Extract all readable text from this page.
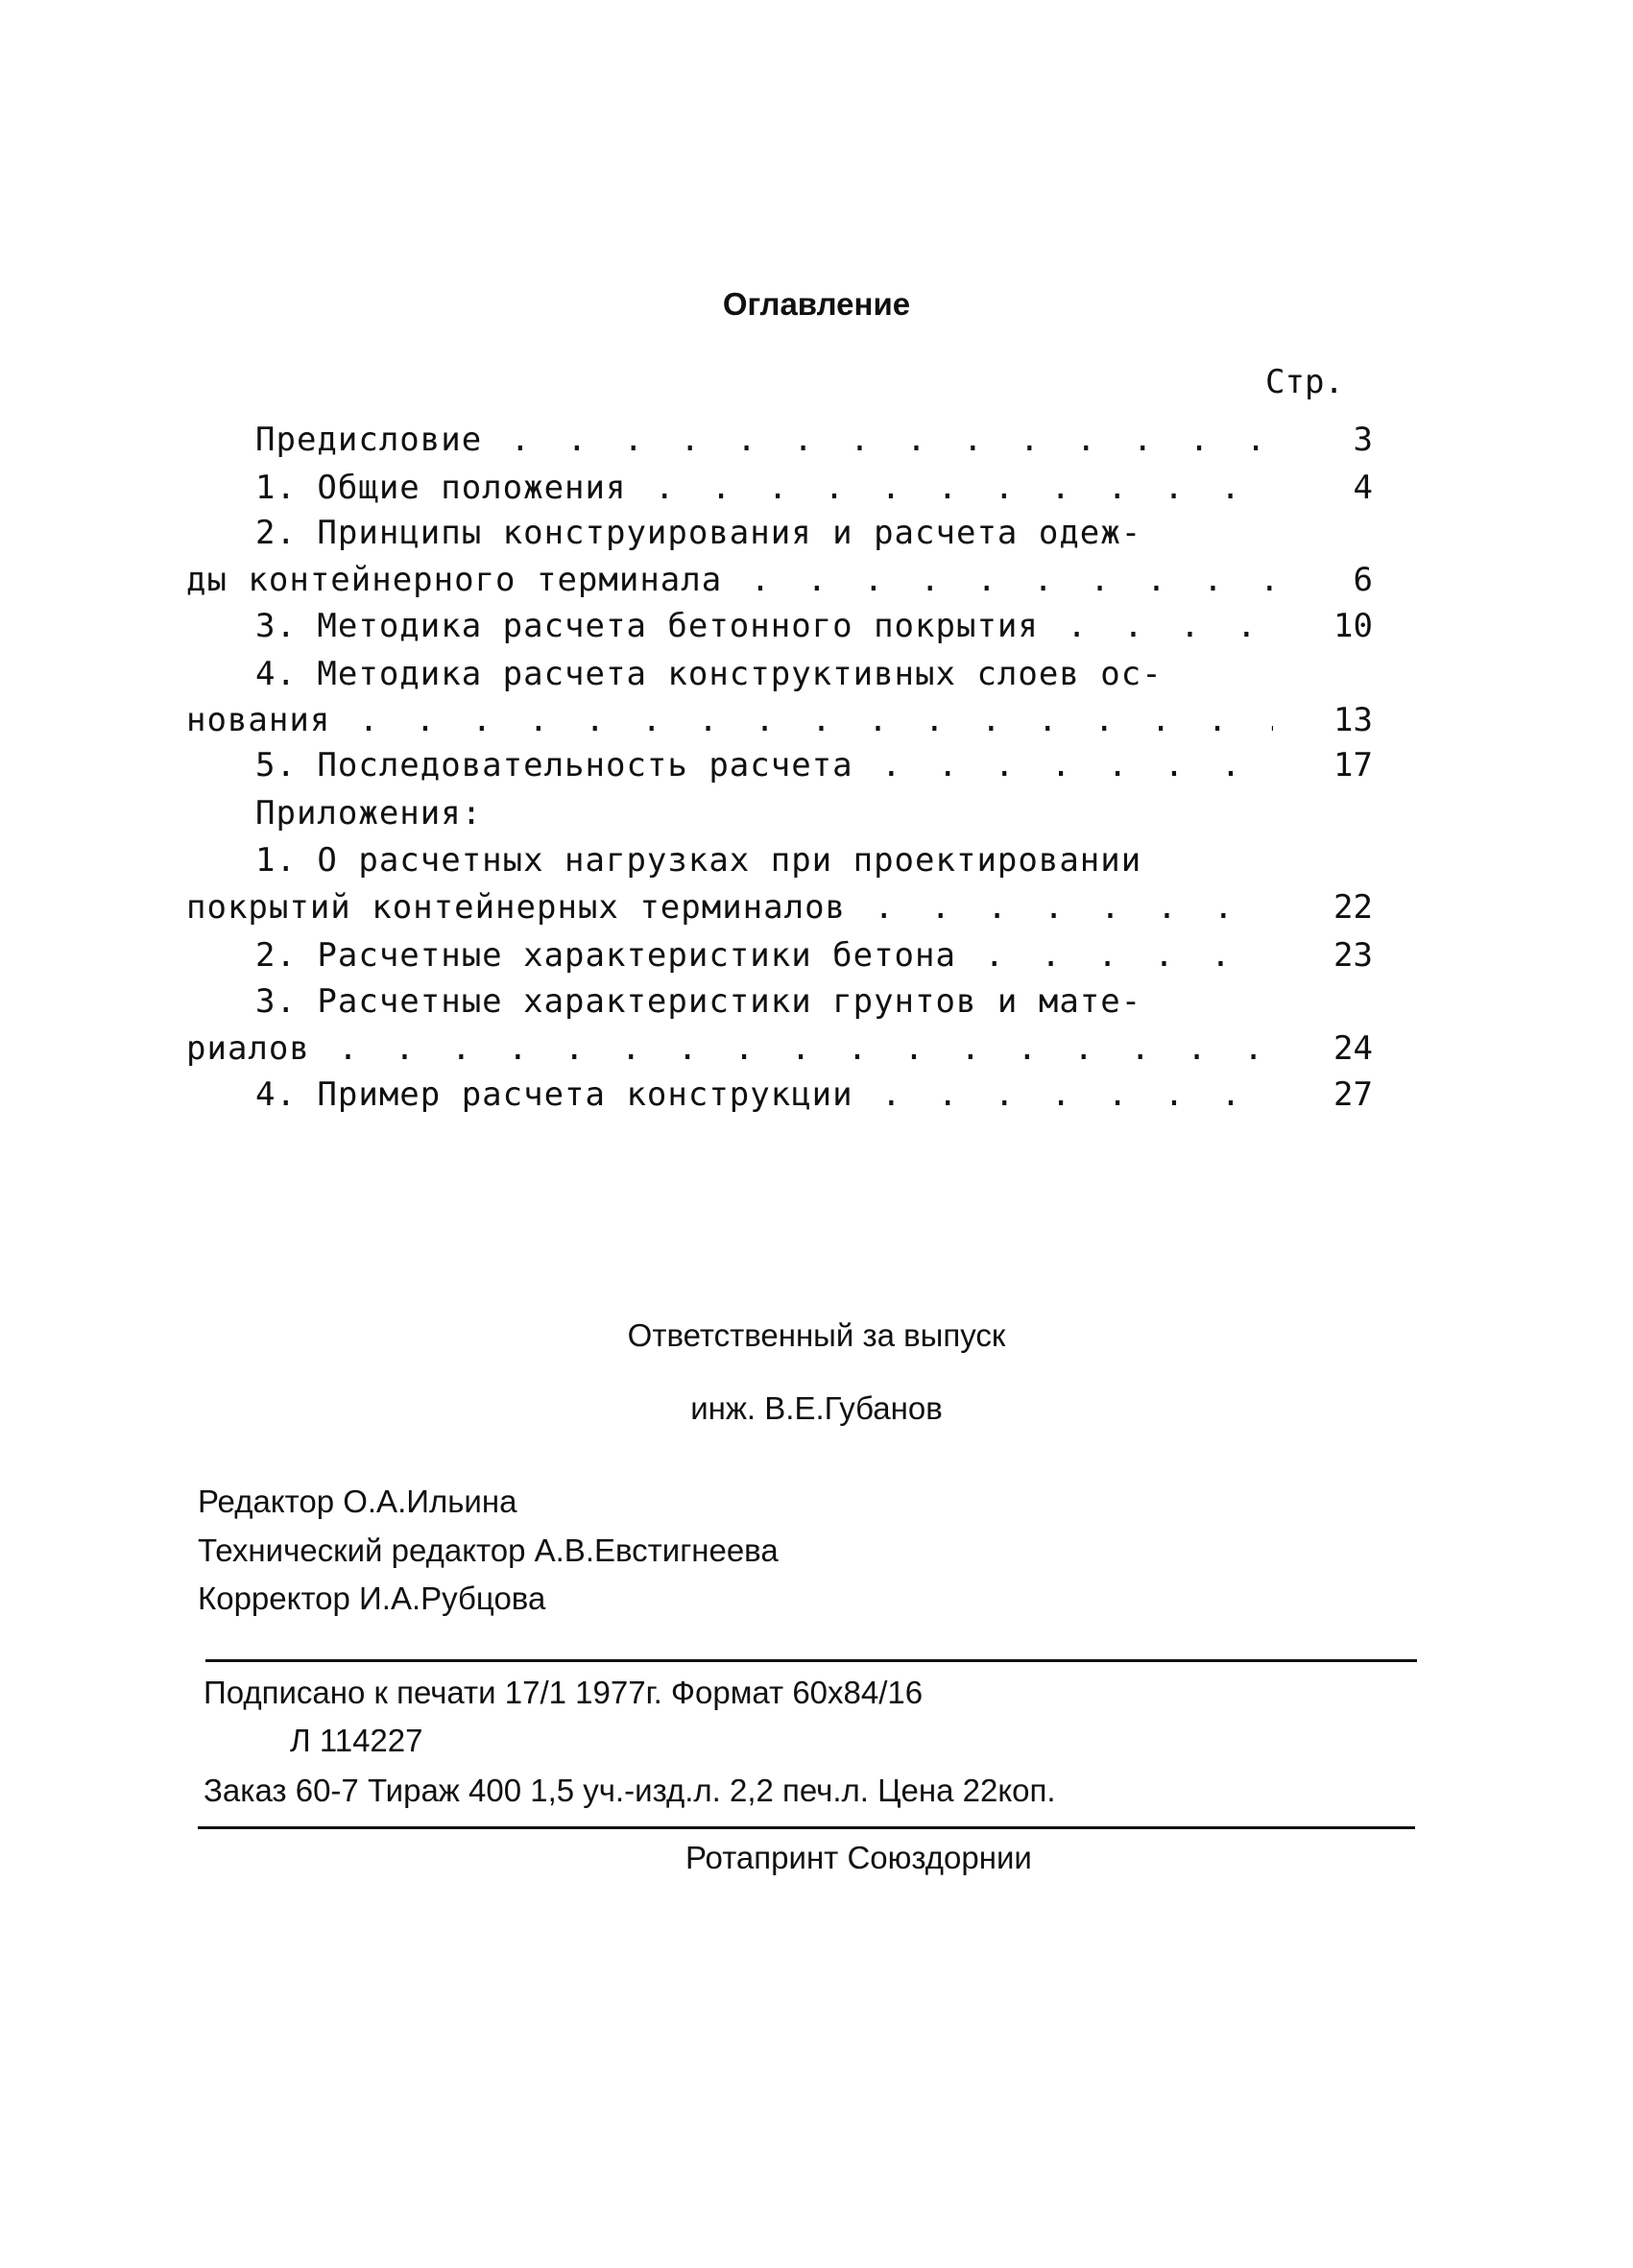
Оглавление
Стр.
Предисловие . . .	3
1. Общие положения . . .	4
2. Принципы конструирования и расчета одеж-
ды контейнерного терминала . . .	6
3. Методика расчета бетонного покрытия . . .	10
4. Методика расчета конструктивных слоев ос-
нования . . .	13
5. Последовательность расчета . . .	17
Приложения:
1. О расчетных нагрузках при проектировании
покрытий контейнерных терминалов . . .	22
2. Расчетные характеристики бетона . . .	23
3. Расчетные характеристики грунтов и мате-
риалов . . .	24
4. Пример расчета конструкции . . .	27
Ответственный за выпуск
инж. В.Е.Губанов
Редактор О.А.Ильина
Технический редактор А.В.Евстигнеева
Корректор И.А.Рубцова
Подписано к печати 17/1 1977г. Формат 60х84/16
Л 114227
Заказ 60-7 Тираж 400 1,5 уч.-изд.л. 2,2 печ.л. Цена 22коп.
Ротапринт Союздорнии
